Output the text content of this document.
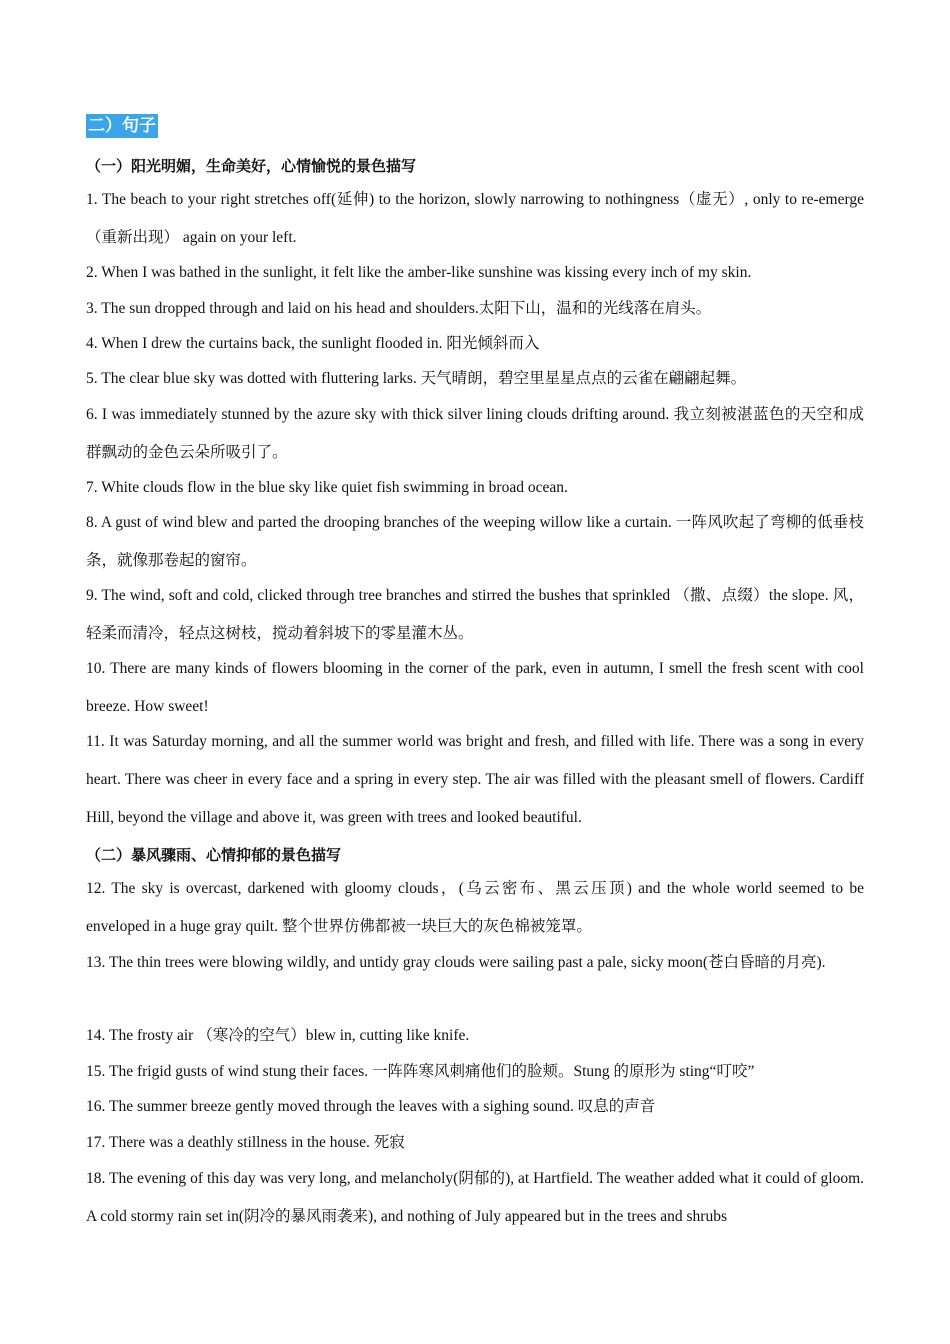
二）句子
（一）阳光明媚，生命美好，心情愉悦的景色描写
1. The beach to your right stretches off(延伸) to the horizon, slowly narrowing to nothingness（虚无）, only to re-emerge（重新出现） again on your left.
2. When I was bathed in the sunlight, it felt like the amber-like sunshine was kissing every inch of my skin.
3. The sun dropped through and laid on his head and shoulders.太阳下山，温和的光线落在肩头。
4. When I drew the curtains back, the sunlight flooded in. 阳光倾斜而入
5. The clear blue sky was dotted with fluttering larks. 天气晴朗，碧空里星星点点的云雀在翩翩起舞。
6. I was immediately stunned by the azure sky with thick silver lining clouds drifting around. 我立刻被湛蓝色的天空和成群飘动的金色云朵所吸引了。
7. White clouds flow in the blue sky like quiet fish swimming in broad ocean.
8. A gust of wind blew and parted the drooping branches of the weeping willow like a curtain. 一阵风吹起了弯柳的低垂枝条，就像那卷起的窗帘。
9. The wind, soft and cold, clicked through tree branches and stirred the bushes that sprinkled （撒、点缀）the slope. 风，轻柔而清冷，轻点这树枝，搅动着斜坡下的零星灌木丛。
10. There are many kinds of flowers blooming in the corner of the park, even in autumn, I smell the fresh scent with cool breeze. How sweet!
11. It was Saturday morning, and all the summer world was bright and fresh, and filled with life. There was a song in every heart. There was cheer in every face and a spring in every step. The air was filled with the pleasant smell of flowers. Cardiff Hill, beyond the village and above it, was green with trees and looked beautiful.
（二）暴风骤雨、心情抑郁的景色描写
12. The sky is overcast, darkened with gloomy clouds，(乌云密布、黑云压顶) and the whole world seemed to be enveloped in a huge gray quilt. 整个世界仿佛都被一块巨大的灰色棉被笼罩。
13. The thin trees were blowing wildly, and untidy gray clouds were sailing past a pale, sicky moon(苍白昏暗的月亮).
14. The frosty air （寒冷的空气）blew in, cutting like knife.
15. The frigid gusts of wind stung their faces. 一阵阵寒风刺痛他们的脸颊。Stung 的原形为 sting“叮咬”
16. The summer breeze gently moved through the leaves with a sighing sound. 叹息的声音
17. There was a deathly stillness in the house. 死寂
18. The evening of this day was very long, and melancholy(阴郁的), at Hartfield. The weather added what it could of gloom. A cold stormy rain set in(阴冷的暴风雨袭来), and nothing of July appeared but in the trees and shrubs
